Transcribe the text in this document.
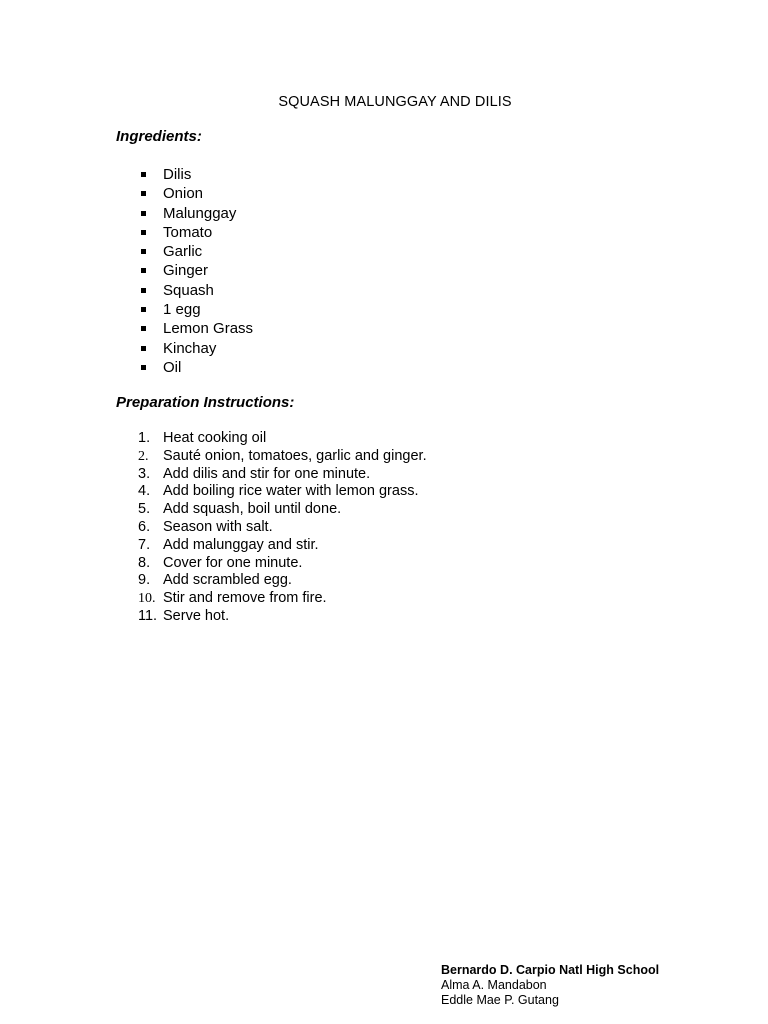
SQUASH MALUNGGAY AND DILIS
Ingredients:
Dilis
Onion
Malunggay
Tomato
Garlic
Ginger
Squash
1 egg
Lemon Grass
Kinchay
Oil
Preparation Instructions:
1. Heat cooking oil
2. Sauté onion, tomatoes, garlic and ginger.
3. Add dilis and stir for one minute.
4. Add boiling rice water with lemon grass.
5. Add squash, boil until done.
6. Season with salt.
7. Add malunggay and stir.
8. Cover for one minute.
9. Add scrambled egg.
10. Stir and remove from fire.
11. Serve hot.
Bernardo D. Carpio Natl High School
Alma A. Mandabon
Eddle Mae P. Gutang
